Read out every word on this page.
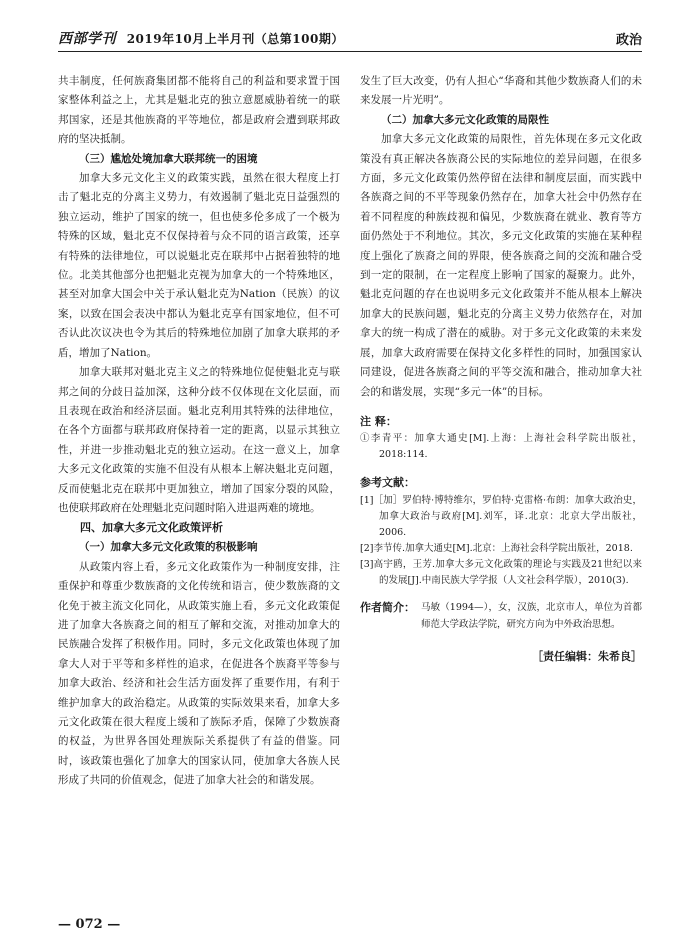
西部学刊 2019年10月上半月刊（总第100期）	政治

共丰制度，任何族裔集团都不能将自己的利益和要求置于国家整体利益之上，尤其是魁北克的独立意愿威胁着统一的联邦国家，还是其他族裔的平等地位，都是政府会遭到联邦政府的坚决抵制。

（三）尴尬处境加拿大联邦统一的困境

加拿大多元文化主义的政策实践，虽然在很大程度上打击了魁北克的分离主义势力，有效遏制了魁北克日益强烈的独立运动，维护了国家的统一，但也使多伦多成了一个极为特殊的区域，魁北克不仅保持着与众不同的语言政策，还享有特殊的法律地位，可以说魁北克在联邦中占据着独特的地位。北美其他部分也把魁北克视为加拿大的一个特殊地区，甚至对加拿大国会中关于承认魁北克为Nation（民族）的议案，以致在国会表决中都认为魁北克享有国家地位，但不可否认此次议决也令为其后的特殊地位加剧了加拿大联邦的矛盾，增加了Nation。

加拿大联邦对魁北克主义之的特殊地位促使魁北克与联邦之间的分歧日益加深，这种分歧不仅体现在文化层面，而且表现在政治和经济层面。魁北克利用其特殊的法律地位，在各个方面都与联邦政府保持着一定的距离，以显示其独立性，并进一步推动魁北克的独立运动。在这一意义上，加拿大多元文化政策的实施不但没有从根本上解决魁北克问题，反而使魁北克在联邦中更加独立，增加了国家分裂的风险，也使联邦政府在处理魁北克问题时陷入进退两难的境地。

四、加拿大多元文化政策评析
（一）加拿大多元文化政策的积极影响

从政策内容上看，多元文化政策作为一种制度安排，注重保护和尊重少数族裔的文化传统和语言，使少数族裔的文化免于被主流文化同化，从政策实施上看，多元文化政策促进了加拿大各族裔之间的相互了解和交流，对推动加拿大的民族融合发挥了积极作用。同时，多元文化政策也体现了加拿大人对于平等和多样性的追求，在促进各个族裔平等参与加拿大政治、经济和社会生活方面发挥了重要作用，有利于维护加拿大的政治稳定。从政策的实际效果来看，加拿大多元文化政策在很大程度上缓和了族际矛盾，保障了少数族裔的权益，为世界各国处理族际关系提供了有益的借鉴。同时，该政策也强化了加拿大的国家认同，使加拿大各族人民形成了共同的价值观念，促进了加拿大社会的和谐发展。

发生了巨大改变，仍有人担心“华裔和其他少数族裔人们的未来发展一片光明”。

（二）加拿大多元文化政策的局限性

加拿大多元文化政策的局限性，首先体现在多元文化政策没有真正解决各族裔公民的实际地位的差异问题，在很多方面，多元文化政策仍然停留在法律和制度层面，而实践中各族裔之间的不平等现象仍然存在，加拿大社会中仍然存在着不同程度的种族歧视和偏见，少数族裔在就业、教育等方面仍然处于不利地位。其次，多元文化政策的实施在某种程度上强化了族裔之间的界限，使各族裔之间的交流和融合受到一定的限制，在一定程度上影响了国家的凝聚力。此外，魁北克问题的存在也说明多元文化政策并不能从根本上解决加拿大的民族问题，魁北克的分离主义势力依然存在，对加拿大的统一构成了潜在的威胁。对于多元文化政策的未来发展，加拿大政府需要在保持文化多样性的同时，加强国家认同建设，促进各族裔之间的平等交流和融合，推动加拿大社会的和谐发展，实现“多元一体”的目标。

注 释：
①李青平：加拿大通史[M].上海：上海社会科学院出版社，2018:114.
参考文献：
[1]［加］罗伯特·博特维尔，罗伯特·克雷格·布朗：加拿大政治史，加拿大政治与政府[M].刘军，译.北京：北京大学出版社，2006.
[2]李节传.加拿大通史[M].北京：上海社会科学院出版社，2018.
[3]高宇鸥，王芳.加拿大多元文化政策的理论与实践及21世纪以来的发展[J].中南民族大学学报（人文社会科学版），2010(3).
作者简介： 马敏（1994—），女，汉族，北京市人，单位为首都师范大学政法学院，研究方向为中外政治思想。
［责任编辑：朱希良］
— 072 —
